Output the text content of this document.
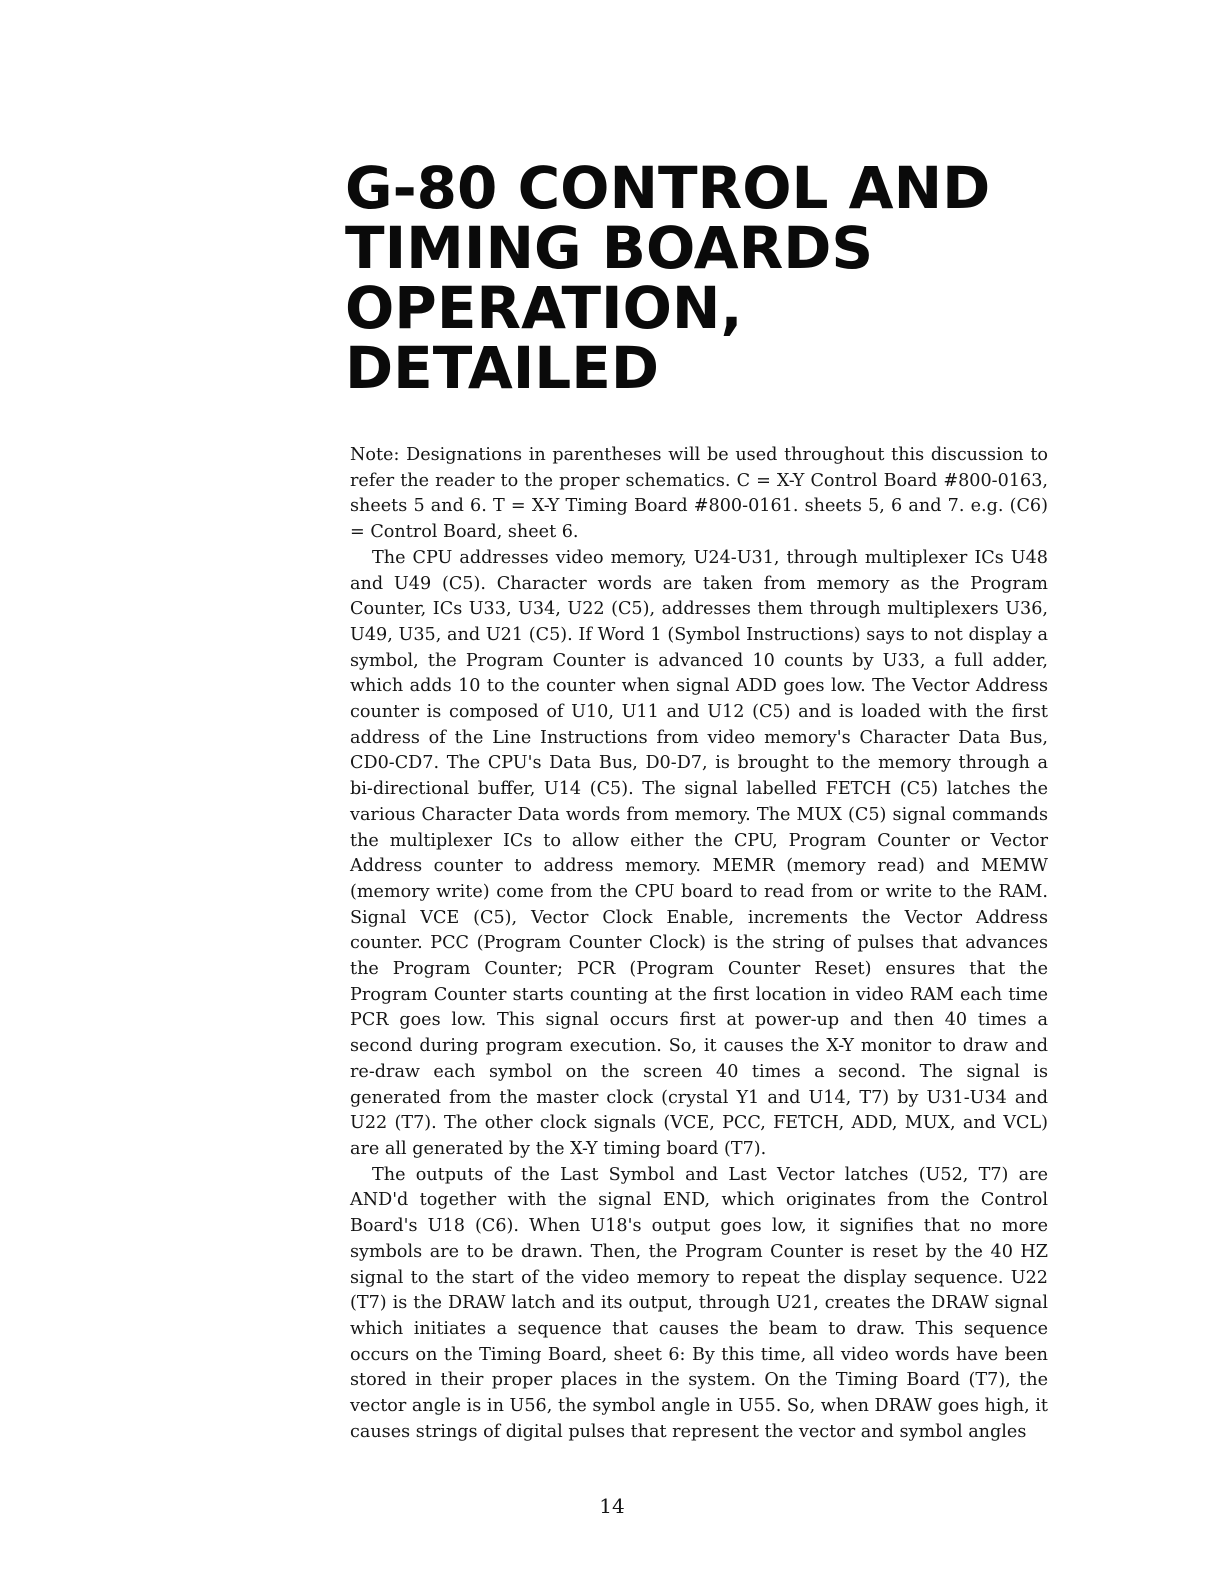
G-80 CONTROL AND
TIMING BOARDS
OPERATION,
DETAILED

Note: Designations in parentheses will be used throughout this discussion to refer the reader to the proper schematics. C = X-Y Control Board #800-0163, sheets 5 and 6. T = X-Y Timing Board #800-0161. sheets 5, 6 and 7. e.g. (C6) = Control Board, sheet 6.

The CPU addresses video memory, U24-U31, through multiplexer ICs U48 and U49 (C5). Character words are taken from memory as the Program Counter, ICs U33, U34, U22 (C5), addresses them through multiplexers U36, U49, U35, and U21 (C5). If Word 1 (Symbol Instructions) says to not display a symbol, the Program Counter is advanced 10 counts by U33, a full adder, which adds 10 to the counter when signal ADD goes low. The Vector Address counter is composed of U10, U11 and U12 (C5) and is loaded with the first address of the Line Instructions from video memory's Character Data Bus, CD0-CD7. The CPU's Data Bus, D0-D7, is brought to the memory through a bi-directional buffer, U14 (C5). The signal labelled FETCH (C5) latches the various Character Data words from memory. The MUX (C5) signal commands the multiplexer ICs to allow either the CPU, Program Counter or Vector Address counter to address memory. MEMR (memory read) and MEMW (memory write) come from the CPU board to read from or write to the RAM. Signal VCE (C5), Vector Clock Enable, increments the Vector Address counter. PCC (Program Counter Clock) is the string of pulses that advances the Program Counter; PCR (Program Counter Reset) ensures that the Program Counter starts counting at the first location in video RAM each time PCR goes low. This signal occurs first at power-up and then 40 times a second during program execution. So, it causes the X-Y monitor to draw and re-draw each symbol on the screen 40 times a second. The signal is generated from the master clock (crystal Y1 and U14, T7) by U31-U34 and U22 (T7). The other clock signals (VCE, PCC, FETCH, ADD, MUX, and VCL) are all generated by the X-Y timing board (T7).

The outputs of the Last Symbol and Last Vector latches (U52, T7) are AND'd together with the signal END, which originates from the Control Board's U18 (C6). When U18's output goes low, it signifies that no more symbols are to be drawn. Then, the Program Counter is reset by the 40 HZ signal to the start of the video memory to repeat the display sequence. U22 (T7) is the DRAW latch and its output, through U21, creates the DRAW signal which initiates a sequence that causes the beam to draw. This sequence occurs on the Timing Board, sheet 6: By this time, all video words have been stored in their proper places in the system. On the Timing Board (T7), the vector angle is in U56, the symbol angle in U55. So, when DRAW goes high, it causes strings of digital pulses that represent the vector and symbol angles

14
